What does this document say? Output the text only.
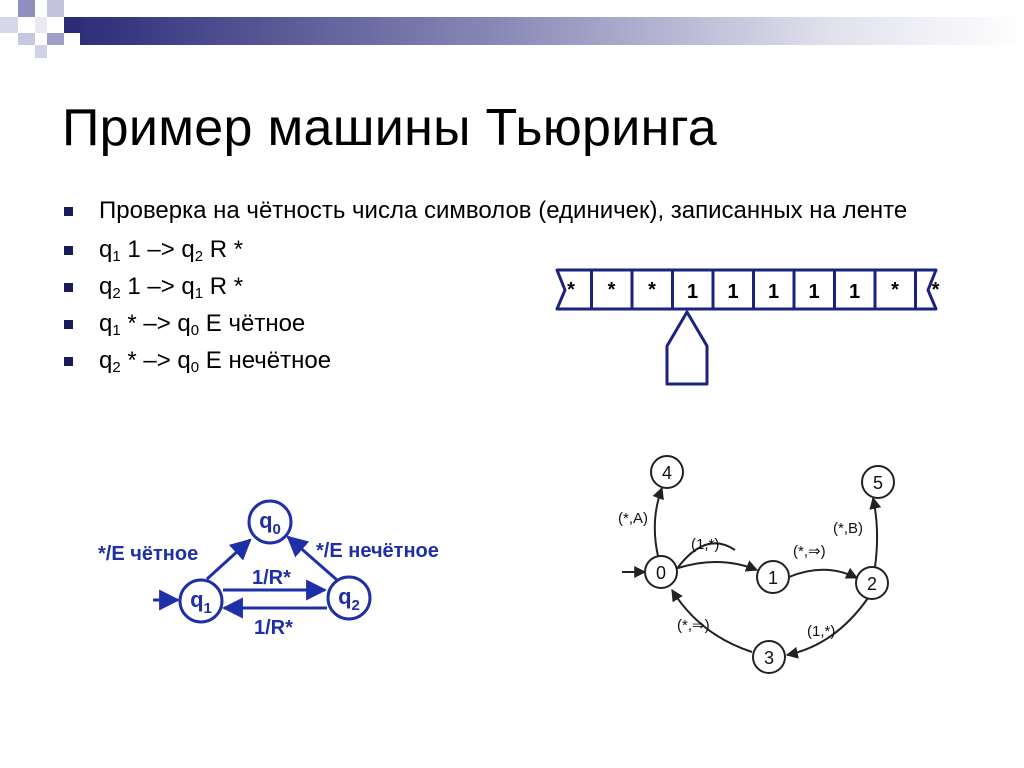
Пример машины Тьюринга
Проверка на чётность числа символов (единичек), записанных на ленте
$q_1$ $1 -> q_2$ R *
$q_2$ $1 -> q_1$ R *
$q_1$ * –> $q_0$ E чётное
$q_2$ * –> $q_0$ E нечётное
* * * 1 1 1 1 1 * *
$q_0$
$q_1$	$q_2$
*/E чётное	*/E нечётное
1/R*
1/R*
0	1	2
3
4	5
(*,A)
(1,*)	(*,⇒)
(*,B)
(1,*)
(*,⇒)
